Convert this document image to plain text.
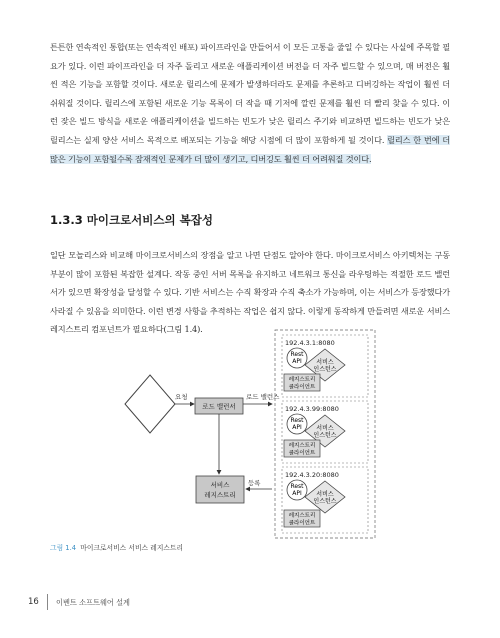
튼튼한 연속적인 통합(또는 연속적인 배포) 파이프라인을 만들어서 이 모든 고통을 줄일 수 있다는 사실에 주목할 필요가 있다. 이런 파이프라인을 더 자주 돌리고 새로운 애플리케이션 버전을 더 자주 빌드할 수 있으며, 매 버전은 훨씬 적은 기능을 포함할 것이다. 새로운 릴리스에 문제가 발생하더라도 문제를 추론하고 디버깅하는 작업이 훨씬 더 쉬워질 것이다. 릴리스에 포함된 새로운 기능 목록이 더 작을 때 기저에 깔린 문제를 훨씬 더 빨리 찾을 수 있다. 이런 잦은 빌드 방식을 새로운 애플리케이션을 빌드하는 빈도가 낮은 릴리스 주기와 비교하면 빌드하는 빈도가 낮은 릴리스는 실제 양산 서비스 목적으로 배포되는 기능을 해당 시점에 더 많이 포함하게 될 것이다. 릴리스 한 번에 더 많은 기능이 포함될수록 잠재적인 문제가 더 많이 생기고, 디버깅도 훨씬 더 어려워질 것이다.

1.3.3 마이크로서비스의 복잡성

일단 모놀리스와 비교해 마이크로서비스의 장점을 알고 나면 단점도 알아야 한다. 마이크로서비스 아키텍처는 구동 부분이 많이 포함된 복잡한 설계다. 작동 중인 서버 목록을 유지하고 네트워크 통신을 라우팅하는 적절한 로드 밸런서가 있으면 확장성을 달성할 수 있다. 기반 서비스는 수직 확장과 수직 축소가 가능하며, 이는 서비스가 등장했다가 사라질 수 있음을 의미한다. 이런 변경 사항을 추적하는 작업은 쉽지 않다. 이렇게 동작하게 만들려면 새로운 서비스 레지스트리 컴포넌트가 필요하다(그림 1.4).

요청
로드 밸런서
로드 밸런스
서비스
레지스트리
등록
192.4.3.1:8080
Rest
API 서비스
인스턴스
레지스트리
클라이언트
192.4.3.99:8080
Rest
API 서비스
인스턴스
레지스트리
클라이언트
192.4.3.20:8080
Rest
API 서비스
인스턴스
레지스트리
클라이언트

그림 1.4 마이크로서비스 서비스 레지스트리

16 이벤트 소프트웨어 설계
